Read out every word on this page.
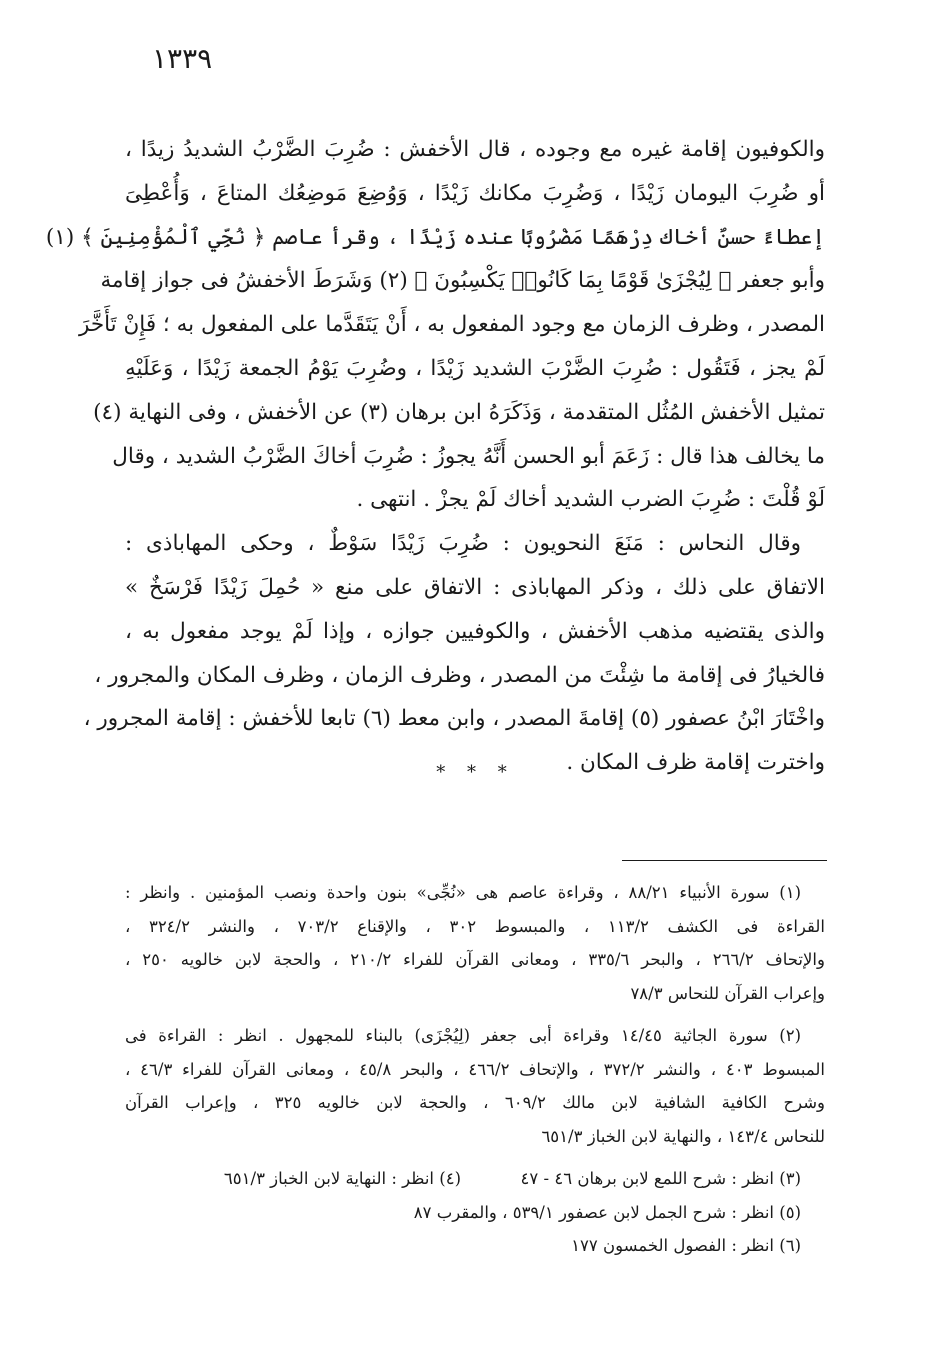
١٣٣٩
والكوفيون إقامة غيره مع وجوده ، قال الأخفش : ضُرِبَ الضَّرْبُ الشديدُ زيدًا ،
أو ضُرِبَ اليومان زَيْدًا ، وَضُرِبَ مكانك زَيْدًا ، وَوُضِعَ مَوضِعُك المتاعَ ، وَأُعْطِىَ
إعطاءً حسنٌ أخاك دِرْهَمًا مَضْرُوبًا عنده زَيْدًا ، وقرأ عاصم ﴿ نُجِّي ٱلْمُؤْمِنِينَ ﴾ (١)
وأبو جعفر ﴿ لِيُجْزَىٰ قَوْمًا بِمَا كَانُوا۟ يَكْسِبُونَ ﴾ (٢) وَشَرَطَ الأخفشُ فى جواز إقامة
المصدر ، وظرف الزمان مع وجود المفعول به ، أَنْ يَتَقَدَّما على المفعول به ؛ فَإِنْ تَأَخَّرَ
لَمْ يجز ، فَتَقُول : ضُرِبَ الضَّرْبَ الشديد زَيْدًا ، وضُرِبَ يَوْمُ الجمعة زَيْدًا ، وَعَلَيْهِ
تمثيل الأخفش المُثُل المتقدمة ، وَذَكَرَهُ ابن برهان (٣) عن الأخفش ، وفى النهاية (٤)
ما يخالف هذا قال : زَعَمَ أبو الحسن أَنَّهُ يجوزُ : ضُرِبَ أخاكَ الضَّرْبُ الشديد ، وقال
لَوْ قُلْتَ : ضُرِبَ الضرب الشديد أخاك لَمْ يجزْ . انتهى .
وقال النحاس : مَنَعَ النحويون : ضُرِبَ زَيْدًا سَوْطٌ ، وحكى المهاباذى :
الاتفاق على ذلك ، وذكر المهاباذى : الاتفاق على منع « حُمِلَ زَيْدًا فَرْسَخٌ »
والذى يقتضيه مذهب الأخفش ، والكوفيين جوازه ، وإذا لَمْ يوجد مفعول به ،
فالخيارُ فى إقامة ما شِئْتَ من المصدر ، وظرف الزمان ، وظرف المكان والمجرور ،
واخْتَارَ ابْنُ عصفور (٥) إقامةَ المصدر ، وابن معط (٦) تابعا للأخفش : إقامة المجرور ،
واخترت إقامة ظرف المكان .
* * *
(١) سورة الأنبياء ٨٨/٢١ ، وقراءة عاصم هى «نُجِّى» بنون واحدة ونصب المؤمنين . وانظر :
القراءة فى الكشف ١١٣/٢ ، والمبسوط ٣٠٢ ، والإقناع ٧٠٣/٢ ، والنشر ٣٢٤/٢ ،
والإتحاف ٢٦٦/٢ ، والبحر ٣٣٥/٦ ، ومعانى القرآن للفراء ٢١٠/٢ ، والحجة لابن خالويه ٢٥٠ ،
وإعراب القرآن للنحاس ٧٨/٣
(٢) سورة الجاثية ١٤/٤٥ وقراءة أبى جعفر (لِيُجْزَى) بالبناء للمجهول . انظر : القراءة فى
المبسوط ٤٠٣ ، والنشر ٣٧٢/٢ ، والإتحاف ٤٦٦/٢ ، والبحر ٤٥/٨ ، ومعانى القرآن للفراء ٤٦/٣ ،
وشرح الكافية الشافية لابن مالك ٦٠٩/٢ ، والحجة لابن خالويه ٣٢٥ ، وإعراب القرآن
للنحاس ١٤٣/٤ ، والنهاية لابن الخباز ٦٥١/٣
(٣) انظر : شرح اللمع لابن برهان ٤٦ - ٤٧
(٤) انظر : النهاية لابن الخباز ٦٥١/٣
(٥) انظر : شرح الجمل لابن عصفور ٥٣٩/١ ، والمقرب ٨٧
(٦) انظر : الفصول الخمسون ١٧٧
